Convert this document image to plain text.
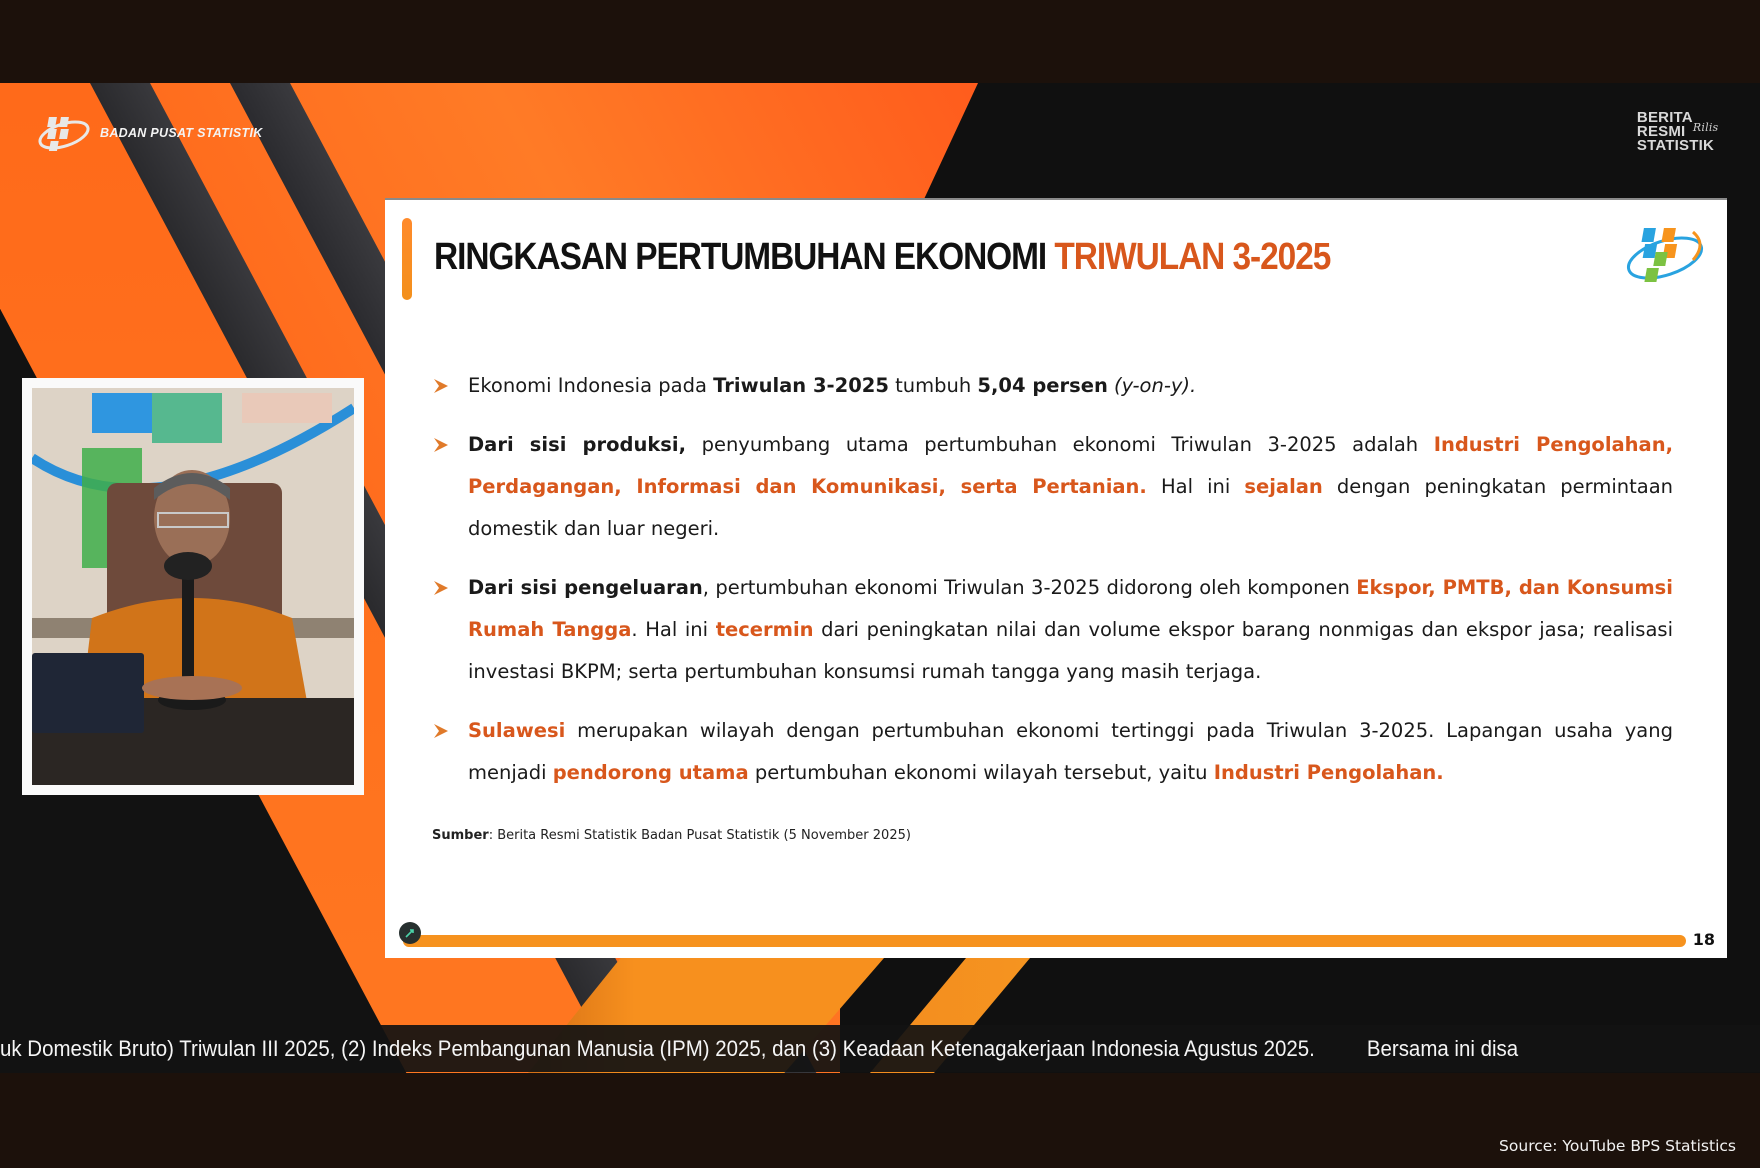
BADAN PUSAT STATISTIK
BERITA
RESMI
STATISTIK
Rilis
RINGKASAN PERTUMBUHAN EKONOMI TRIWULAN 3-2025
Ekonomi Indonesia pada Triwulan 3-2025 tumbuh 5,04 persen (y-on-y).
Dari sisi produksi, penyumbang utama pertumbuhan ekonomi Triwulan 3-2025 adalah Industri Pengolahan, Perdagangan, Informasi dan Komunikasi, serta Pertanian. Hal ini sejalan dengan peningkatan permintaan domestik dan luar negeri.
Dari sisi pengeluaran, pertumbuhan ekonomi Triwulan 3-2025 didorong oleh komponen Ekspor, PMTB, dan Konsumsi Rumah Tangga. Hal ini tecermin dari peningkatan nilai dan volume ekspor barang nonmigas dan ekspor jasa; realisasi investasi BKPM; serta pertumbuhan konsumsi rumah tangga yang masih terjaga.
Sulawesi merupakan wilayah dengan pertumbuhan ekonomi tertinggi pada Triwulan 3-2025. Lapangan usaha yang menjadi pendorong utama pertumbuhan ekonomi wilayah tersebut, yaitu Industri Pengolahan.
Sumber: Berita Resmi Statistik Badan Pusat Statistik (5 November 2025)
18
uk Domestik Bruto) Triwulan III 2025, (2) Indeks Pembangunan Manusia (IPM) 2025, dan (3) Keadaan Ketenagakerjaan Indonesia Agustus 2025. Bersama ini disa
Source: YouTube BPS Statistics
